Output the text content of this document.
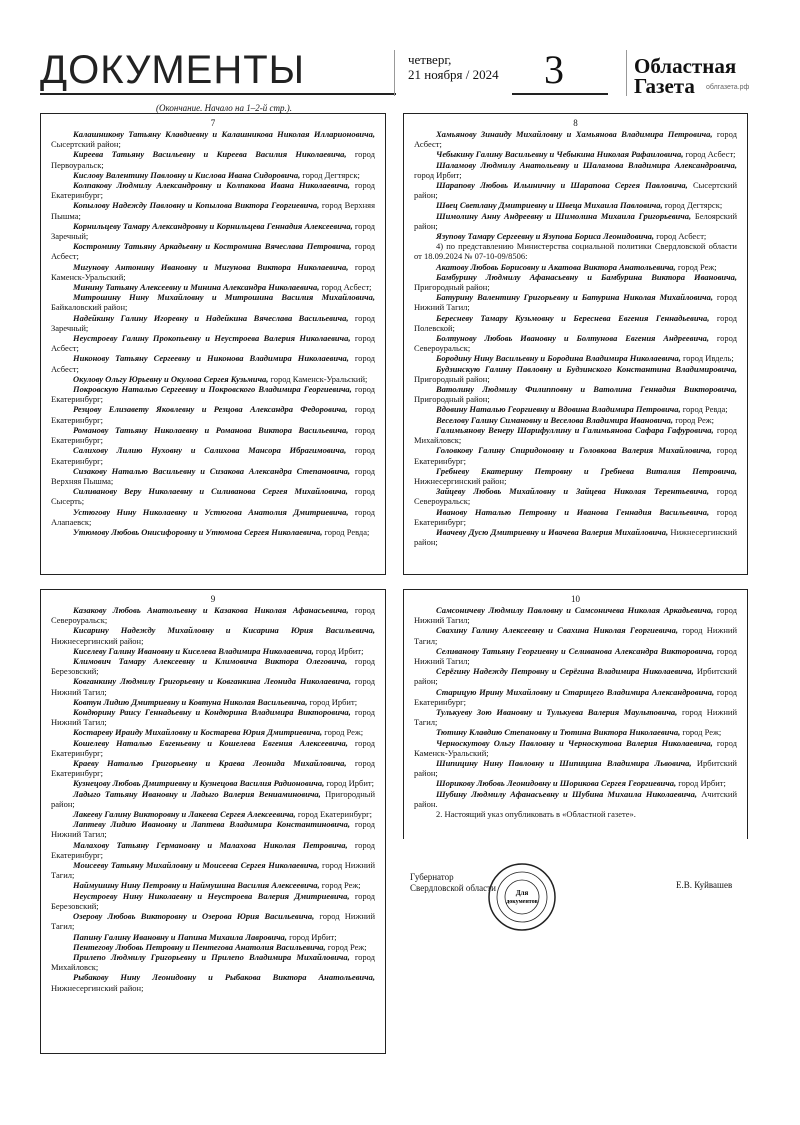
ДОКУМЕНТЫ	четверг,
21 ноября / 2024 3	Областная
Газета	облгазета.рф
(Окончание. Начало на 1–2-й стр.).
7
Калашникову Татьяну Клавдиевну и Калашникова Николая Илларионовича, Сысертский район;
Киреева Татьяну Васильевну и Киреева Василия Николаевича, город Первоуральск;
Кислову Валентину Павловну и Кислова Ивана Сидоровича, город Дегтярск;
Колпакову Людмилу Александровну и Колпакова Ивана Николаевича, город Екатеринбург;
Копылову Надежду Павловну и Копылова Виктора Георгиевича, город Верхняя Пышма;
Корнильцеву Тамару Александровну и Корнильцева Геннадия Алексеевича, город Заречный;
Костромину Татьяну Аркадьевну и Костромина Вячеслава Петровича, город Асбест;
Мигунову Антонину Ивановну и Мигунова Виктора Николаевича, город Каменск-Уральский;
Минину Татьяну Алексеевну и Минина Александра Николаевича, город Асбест;
Митрошину Нину Михайловну и Митрошина Василия Михайловича, Байкаловский район;
Надейкину Галину Игоревну и Надейкина Вячеслава Васильевича, город Заречный;
Неустроеву Галину Прокопьевну и Неустроева Валерия Николаевича, город Асбест;
Никонову Татьяну Сергеевну и Никонова Владимира Николаевича, город Асбест;
Окулову Ольгу Юрьевну и Окулова Сергея Кузьмича, город Каменск-Уральский;
Покровскую Наталью Сергеевну и Покровского Владимира Георгиевича, город Екатеринбург;
Резцову Елизавету Яковлевну и Резцова Александра Федоровича, город Екатеринбург;
Романову Татьяну Николаевну и Романова Виктора Васильевича, город Екатеринбург;
Салихову Лилию Нуховну и Салихова Мансора Ибрагимовича, город Екатеринбург;
Сизакову Наталью Васильевну и Сизакова Александра Степановича, город Верхняя Пышма;
Силиванову Веру Николаевну и Силиванова Сергея Михайловича, город Сысерть;
Устюгову Нину Николаевну и Устюгова Анатолия Дмитриевича, город Алапаевск;
Утюмову Любовь Онисифоровну и Утюмова Сергея Николаевича, город Ревда;
8
Хамьянову Зинаиду Михайловну и Хамьянова Владимира Петровича, город Асбест;
Чебыкину Галину Васильевну и Чебыкина Николая Рафаиловича, город Асбест;
Шаламову Людмилу Анатольевну и Шаламова Владимира Александровича, город Ирбит;
Шарапову Любовь Ильиничну и Шарапова Сергея Павловича, Сысертский район;
Швец Светлану Дмитриевну и Швеца Михаила Павловича, город Дегтярск;
Шимолину Анну Андреевну и Шимолина Михаила Григорьевича, Белоярский район;
Язупову Тамару Сергеевну и Язупова Бориса Леонидовича, город Асбест;
4) по представлению Министерства социальной политики Свердловской области от 18.09.2024 № 07-10-09/8506:
Акатову Любовь Борисовну и Акатова Виктора Анатольевича, город Реж;
Бамбурину Людмилу Афанасьевну и Бамбурина Виктора Ивановича, Пригородный район;
Батурину Валентину Григорьевну и Батурина Николая Михайловича, город Нижний Тагил;
Бересневу Тамару Кузьмовну и Береснева Евгения Геннадьевича, город Полевской;
Болтунову Любовь Ивановну и Болтунова Евгения Андреевича, город Североуральск;
Бородину Нину Васильевну и Бородина Владимира Николаевича, город Ивдель;
Будзинскую Галину Павловну и Будзинского Константина Владимировича, Пригородный район;
Ватолину Людмилу Филипповну и Ватолина Геннадия Викторовича, Пригородный район;
Вдовину Наталью Георгиевну и Вдовина Владимира Петровича, город Ревда;
Веселову Галину Симановну и Веселова Владимира Ивановича, город Реж;
Галимьянову Венеру Шарифуллину и Галимьянова Сафара Гафуровича, город Михайловск;
Головкову Галину Спиридоновну и Головкова Валерия Михайловича, город Екатеринбург;
Гребневу Екатерину Петровну и Гребнева Виталия Петровича, Нижнесергинский район;
Зайцеву Любовь Михайловну и Зайцева Николая Терентьевича, город Североуральск;
Иванову Наталью Петровну и Иванова Геннадия Васильевича, город Екатеринбург;
Ивачеву Дусю Дмитриевну и Ивачева Валерия Михайловича, Нижнесергинский район;
9
Казакову Любовь Анатольевну и Казакова Николая Афанасьевича, город Североуральск;
Кисарину Надежду Михайловну и Кисарина Юрия Васильевича, Нижнесергинский район;
Киселеву Галину Ивановну и Киселева Владимира Николаевича, город Ирбит;
Климович Тамару Алексеевну и Климовича Виктора Олеговича, город Березовский;
Ковганкину Людмилу Григорьевну и Ковганкина Леонида Николаевича, город Нижний Тагил;
Ковтун Лидию Дмитриевну и Ковтуна Николая Васильевича, город Ирбит;
Кондюрину Раису Геннадьевну и Кондюрина Владимира Викторовича, город Нижний Тагил;
Костареву Ираиду Михайловну и Костарева Юрия Дмитриевича, город Реж;
Кошелеву Наталью Евгеньевну и Кошелева Евгения Алексеевича, город Екатеринбург;
Краеву Наталью Григорьевну и Краева Леонида Михайловича, город Екатеринбург;
Кузнецову Любовь Дмитриевну и Кузнецова Василия Радионовича, город Ирбит;
Ладыго Татьяну Ивановну и Ладыго Валерия Вениаминовича, Пригородный район;
Лакееву Галину Викторовну и Лакеева Сергея Алексеевича, город Екатеринбург;
Лаптеву Лидию Ивановну и Лаптева Владимира Константиновича, город Нижний Тагил;
Малахову Татьяну Германовну и Малахова Николая Петровича, город Екатеринбург;
Моисееву Татьяну Михайловну и Моисеева Сергея Николаевича, город Нижний Тагил;
Наймушину Нину Петровну и Наймушина Василия Алексеевича, город Реж;
Неустроеву Нину Николаевну и Неустроева Валерия Дмитриевича, город Березовский;
Озерову Любовь Викторовну и Озерова Юрия Васильевича, город Нижний Тагил;
Папину Галину Ивановну и Папина Михаила Лавровича, город Ирбит;
Пентегову Любовь Петровну и Пентегова Анатолия Васильевича, город Реж;
Прилепо Людмилу Григорьевну и Прилепо Владимира Михайловича, город Михайловск;
Рыбакову Нину Леонидовну и Рыбакова Виктора Анатольевича, Нижнесергинский район;
10
Самсоничеву Людмилу Павловну и Самсоничева Николая Аркадьевича, город Нижний Тагил;
Свахину Галину Алексеевну и Свахина Николая Георгиевича, город Нижний Тагил;
Селиванову Татьяну Георгиевну и Селиванова Александра Викторовича, город Нижний Тагил;
Серёгину Надежду Петровну и Серёгина Владимира Николаевича, Ирбитский район;
Старицую Ирину Михайловну и Старицего Владимира Александровича, город Екатеринбург;
Тулькуеву Зою Ивановну и Тулькуева Валерия Маультовича, город Нижний Тагил;
Тютину Клавдию Степановну и Тютина Виктора Николаевича, город Реж;
Черноскутову Ольгу Павловну и Черноскутова Валерия Николаевича, город Каменск-Уральский;
Шипицину Нину Павловну и Шипицина Владимира Львовича, Ирбитский район;
Шорикову Любовь Леонидовну и Шорикова Сергея Георгиевича, город Ирбит;
Шубину Людмилу Афанасьевну и Шубина Михаила Николаевича, Ачитский район.
2. Настоящий указ опубликовать в «Областной газете».
Губернатор
Свердловской области	Е.В. Куйвашев
Для
документов
